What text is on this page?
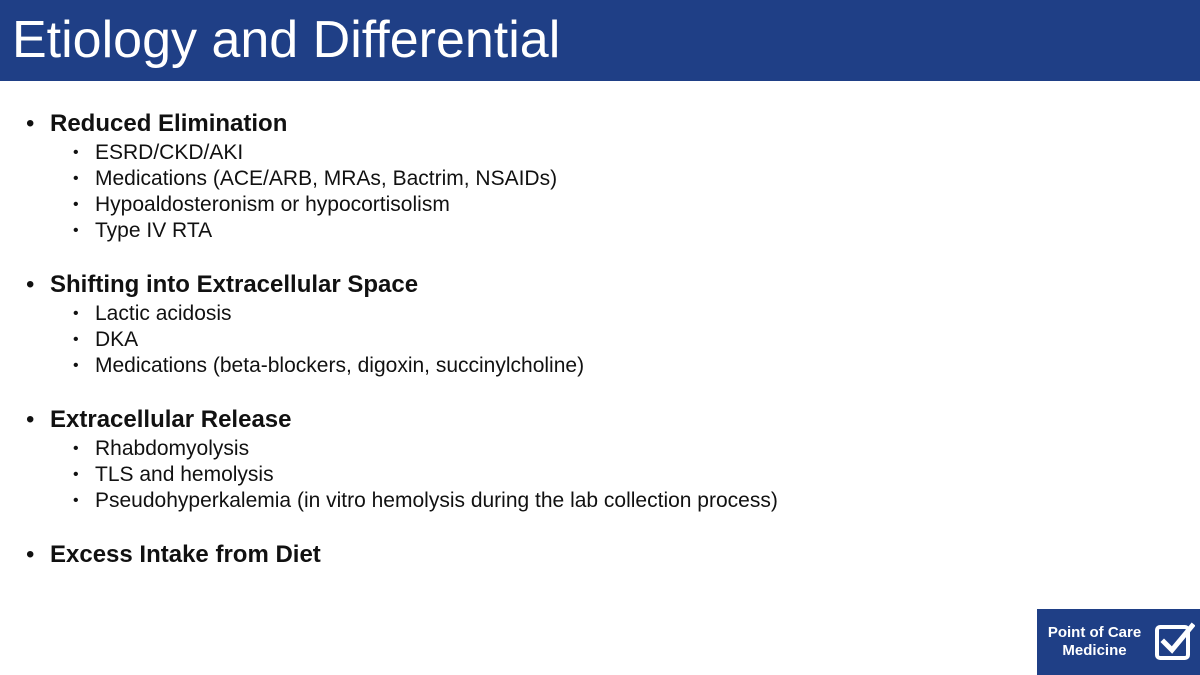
Etiology and Differential
• Reduced Elimination
• ESRD/CKD/AKI
• Medications (ACE/ARB, MRAs, Bactrim, NSAIDs)
• Hypoaldosteronism or hypocortisolism
• Type IV RTA
• Shifting into Extracellular Space
• Lactic acidosis
• DKA
• Medications (beta-blockers, digoxin, succinylcholine)
• Extracellular Release
• Rhabdomyolysis
• TLS and hemolysis
• Pseudohyperkalemia (in vitro hemolysis during the lab collection process)
• Excess Intake from Diet
Point of Care
Medicine
